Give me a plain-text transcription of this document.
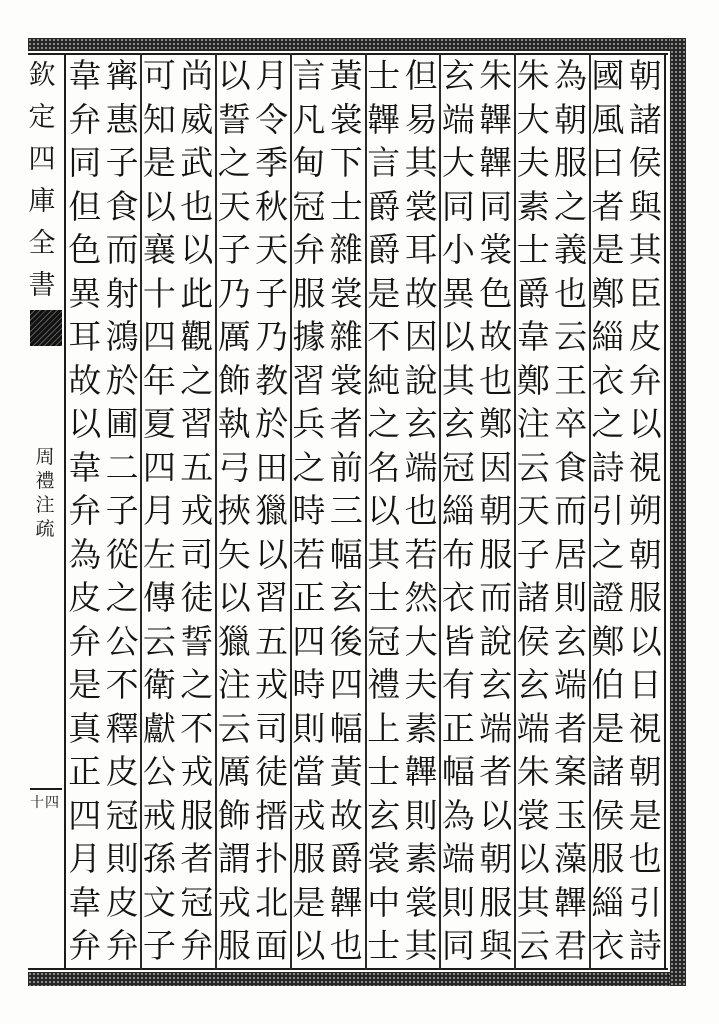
欽
定
四
庫
全
書
周
禮
注
疏
十四
朝
諸
侯
與
其
臣
皮
弁
以
視
朔
朝
服
以
日
視
朝
是
也
引
詩
國
風
曰
者
是
鄭
緇
衣
之
詩
引
之
證
鄭
伯
是
諸
侯
服
緇
衣
為
朝
服
之
義
也
云
王
卒
食
而
居
則
玄
端
者
案
玉
藻
韠
君
朱
大
夫
素
士
爵
韋
鄭
注
云
天
子
諸
侯
玄
端
朱
裳
以
其
云
朱
韠
韠
同
裳
色
故
也
鄭
因
朝
服
而
說
玄
端
者
以
朝
服
與
玄
端
大
同
小
異
以
其
玄
冠
緇
布
衣
皆
有
正
幅
為
端
則
同
但
易
其
裳
耳
故
因
說
玄
端
也
若
然
大
夫
素
韠
則
素
裳
其
士
韠
言
爵
爵
是
不
純
之
名
以
其
士
冠
禮
上
士
玄
裳
中
士
黃
裳
下
士
雜
裳
雜
裳
者
前
三
幅
玄
後
四
幅
黃
故
爵
韠
也
言
凡
甸
冠
弁
服
據
習
兵
之
時
若
正
四
時
則
當
戎
服
是
以
月
令
季
秋
天
子
乃
教
於
田
獵
以
習
五
戎
司
徒
搢
扑
北
面
以
誓
之
天
子
乃
厲
飾
執
弓
挾
矢
以
獵
注
云
厲
飾
謂
戎
服
尚
威
武
也
以
此
觀
之
習
五
戎
司
徒
誓
之
不
戎
服
者
冠
弁
可
知
是
以
襄
十
四
年
夏
四
月
左
傳
云
衛
獻
公
戒
孫
文
子
寗
惠
子
食
而
射
鴻
於
圃
二
子
從
之
公
不
釋
皮
冠
則
皮
弁
韋
弁
同
但
色
異
耳
故
以
韋
弁
為
皮
弁
是
真
正
四
月
韋
弁
